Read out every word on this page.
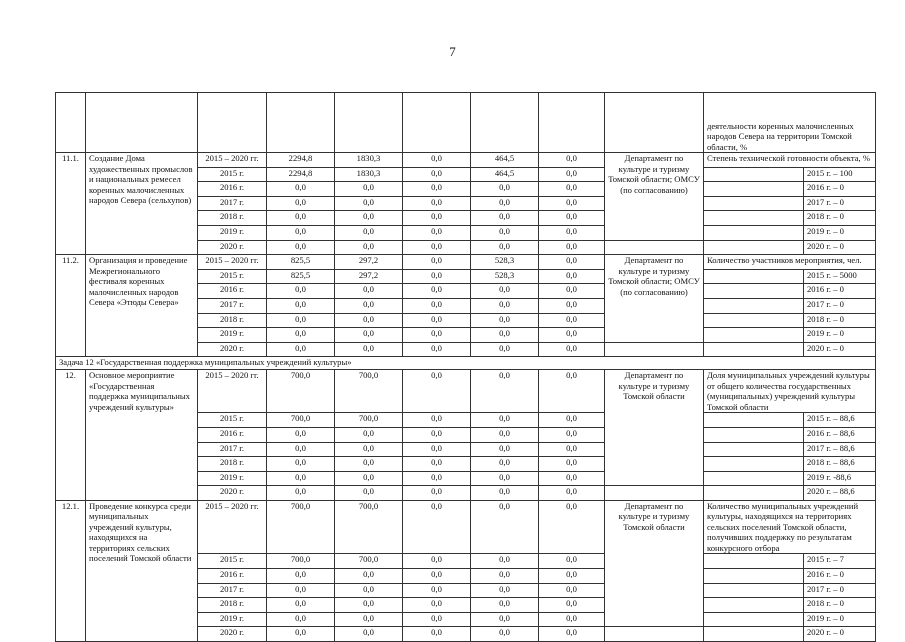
7
									деятельности коренных малочисленных народов Севера на территории Томской области, %	
11.1.	Создание Дома художественных промыслов и национальных ремесел коренных малочисленных народов Севера (сельхупов)	2015 – 2020 гг.	2294,8	1830,3	0,0	464,5	0,0	Департамент по культуре и туризму Томской области; ОМСУ (по согласованию)	Степень технической готовности объекта, %	
		2015 г.	2294,8	1830,3	0,0	464,5	0,0			2015 г. – 100
		2016 г.	0,0	0,0	0,0	0,0	0,0			2016 г. – 0
		2017 г.	0,0	0,0	0,0	0,0	0,0			2017 г. – 0
		2018 г.	0,0	0,0	0,0	0,0	0,0			2018 г. – 0
		2019 г.	0,0	0,0	0,0	0,0	0,0			2019 г. – 0
		2020 г.	0,0	0,0	0,0	0,0	0,0			2020 г. – 0
11.2.	Организация и проведение Межрегионального фестиваля коренных малочисленных народов Севера «Этюды Севера»	2015 – 2020 гг.	825,5	297,2	0,0	528,3	0,0	Департамент по культуре и туризму Томской области; ОМСУ (по согласованию)	Количество участников мероприятия, чел.	
		2015 г.	825,5	297,2	0,0	528,3	0,0			2015 г. – 5000
		2016 г.	0,0	0,0	0,0	0,0	0,0			2016 г. – 0
		2017 г.	0,0	0,0	0,0	0,0	0,0			2017 г. – 0
		2018 г.	0,0	0,0	0,0	0,0	0,0			2018 г. – 0
		2019 г.	0,0	0,0	0,0	0,0	0,0			2019 г. – 0
		2020 г.	0,0	0,0	0,0	0,0	0,0			2020 г. – 0
Задача 12 «Государственная поддержка муниципальных учреждений культуры»										
12.	Основное мероприятие «Государственная поддержка муниципальных учреждений культуры»	2015 – 2020 гг.	700,0	700,0	0,0	0,0	0,0	Департамент по культуре и туризму Томской области	Доля муниципальных учреждений культуры от общего количества государственных (муниципальных) учреждений культуры Томской области	
		2015 г.	700,0	700,0	0,0	0,0	0,0			2015 г. – 88,6
		2016 г.	0,0	0,0	0,0	0,0	0,0			2016 г. – 88,6
		2017 г.	0,0	0,0	0,0	0,0	0,0			2017 г. – 88,6
		2018 г.	0,0	0,0	0,0	0,0	0,0			2018 г. – 88,6
		2019 г.	0,0	0,0	0,0	0,0	0,0			2019 г. -88,6
		2020 г.	0,0	0,0	0,0	0,0	0,0			2020 г. – 88,6
12.1.	Проведение конкурса среди муниципальных учреждений культуры, находящихся на территориях сельских поселений Томской области	2015 – 2020 гг.	700,0	700,0	0,0	0,0	0,0	Департамент по культуре и туризму Томской области	Количество муниципальных учреждений культуры, находящихся на территориях сельских поселений Томской области, получивших поддержку по результатам конкурсного отбора	
		2015 г.	700,0	700,0	0,0	0,0	0,0			2015 г. – 7
		2016 г.	0,0	0,0	0,0	0,0	0,0			2016 г. – 0
		2017 г.	0,0	0,0	0,0	0,0	0,0			2017 г. – 0
		2018 г.	0,0	0,0	0,0	0,0	0,0			2018 г. – 0
		2019 г.	0,0	0,0	0,0	0,0	0,0			2019 г. – 0
		2020 г.	0,0	0,0	0,0	0,0	0,0			2020 г. – 0
